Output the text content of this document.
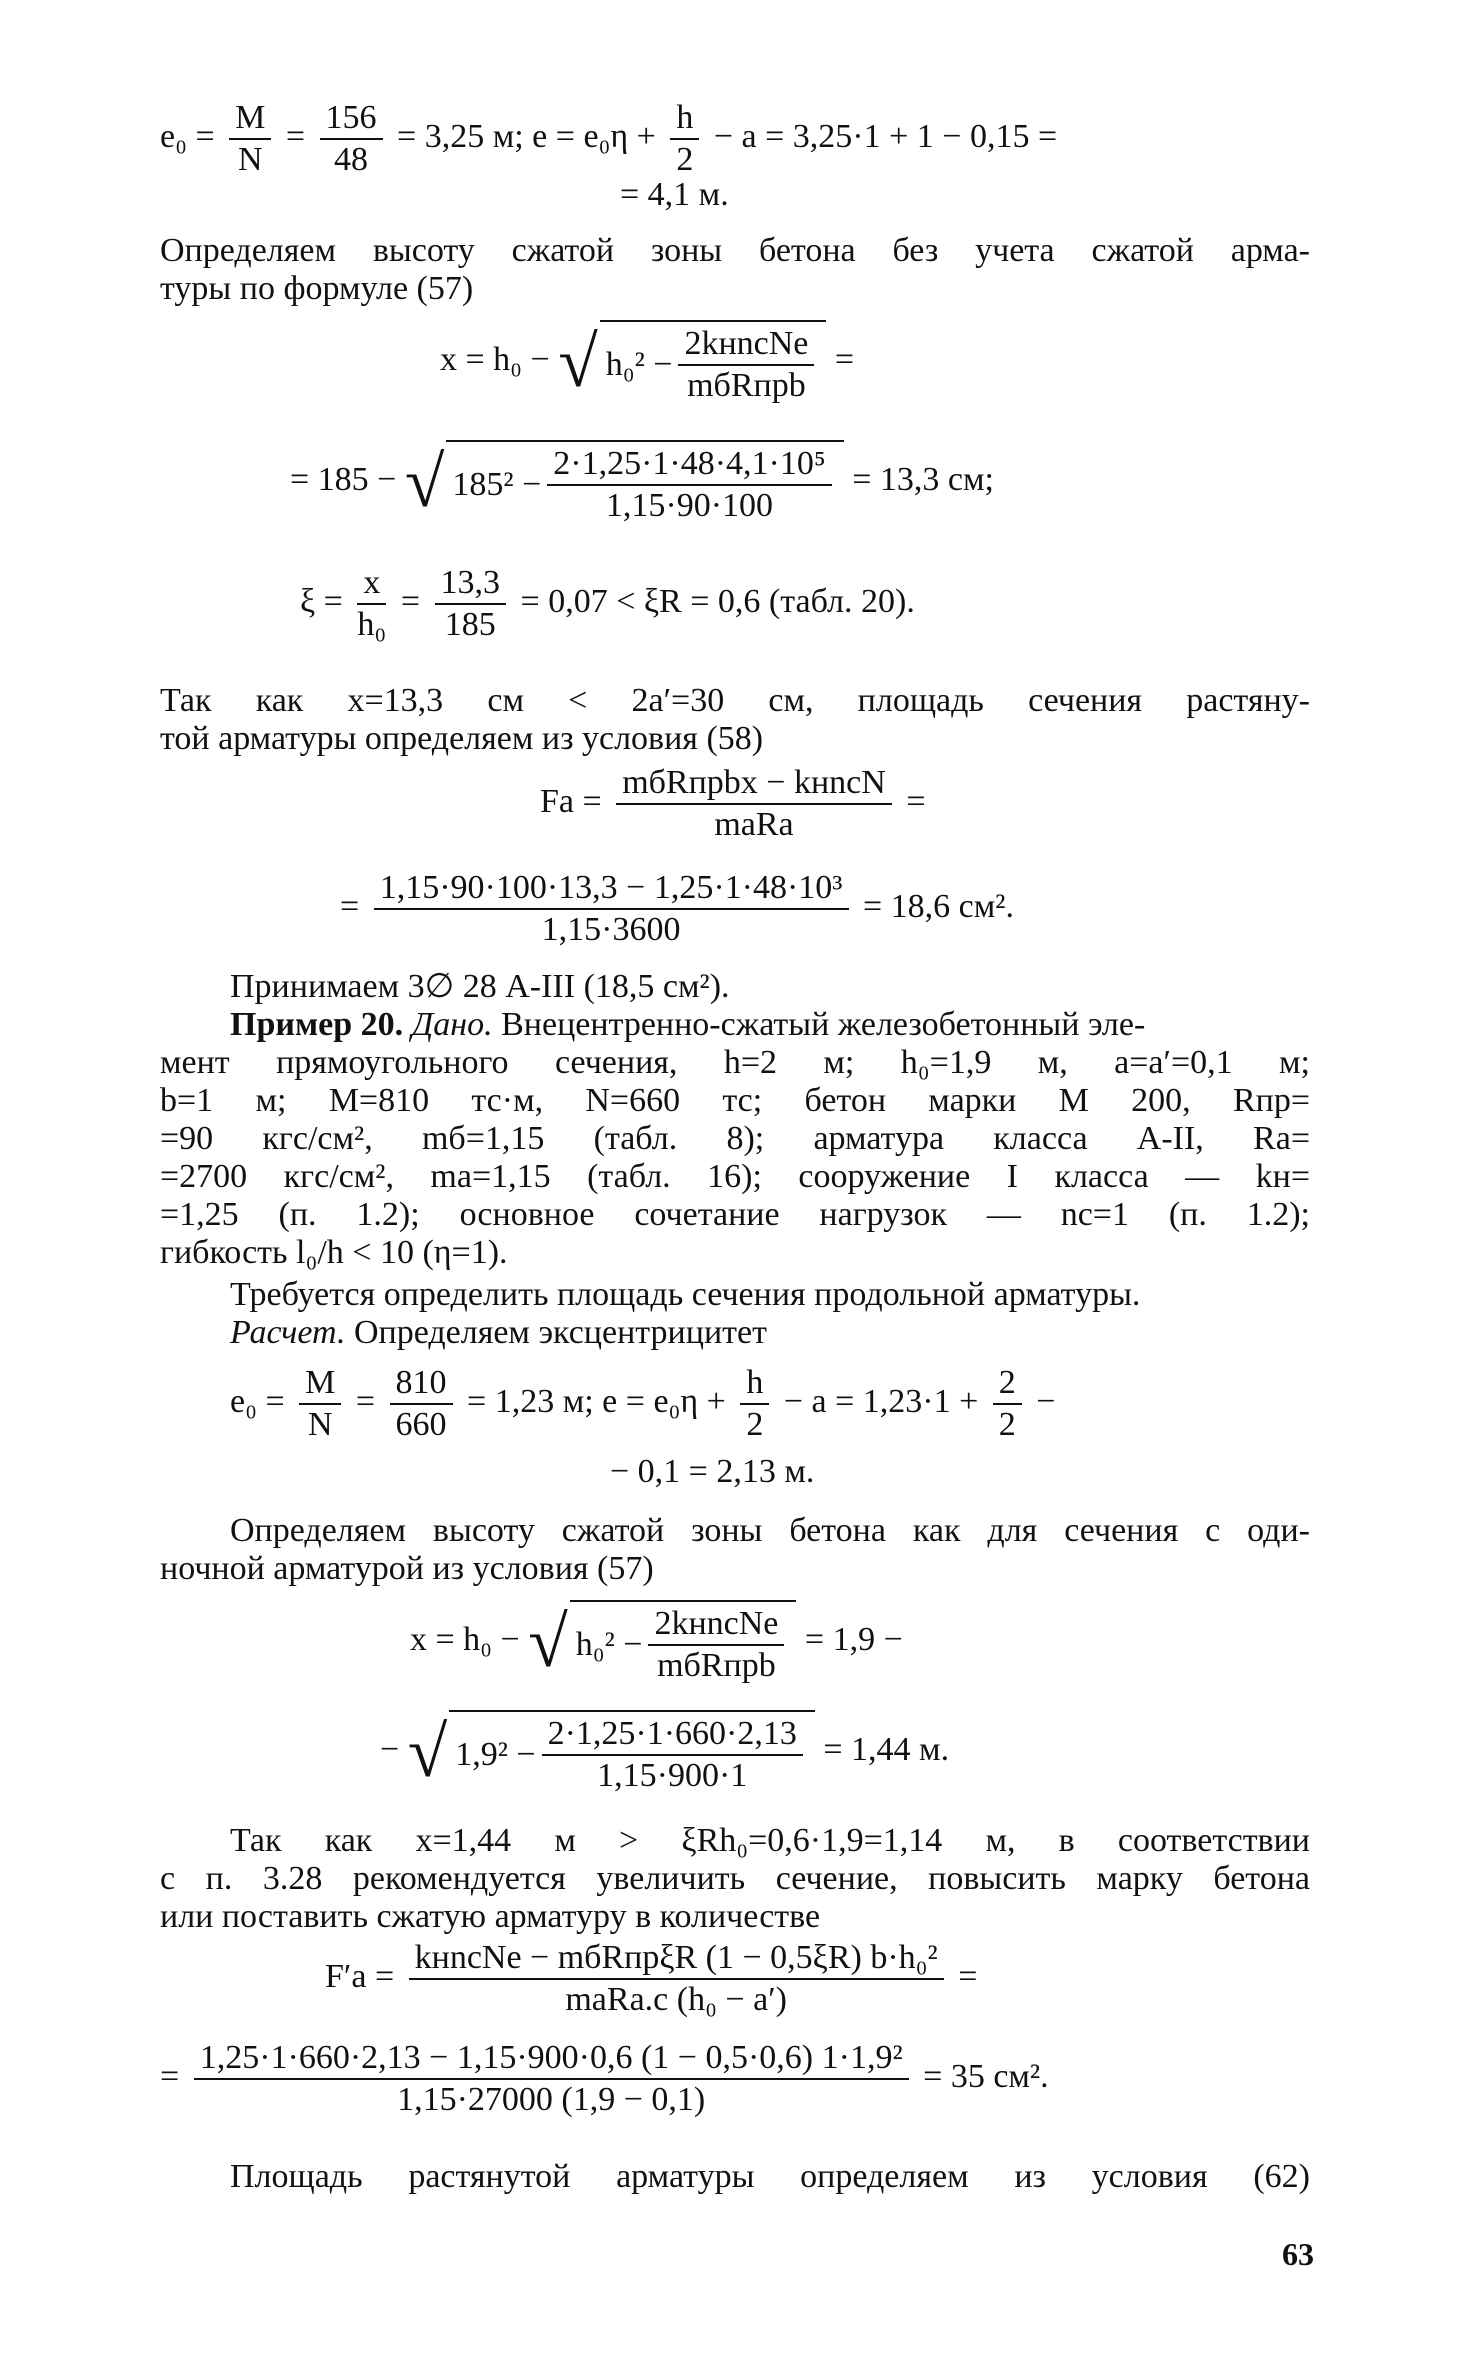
$e_0 = \frac{M}{N} = \frac{156}{48} = 3,25$ м; $e = e_0\eta + \frac{h}{2} - a = 3,25\cdot 1 + 1 - 0,15$ =
= 4,1 м.
Определяем высоту сжатой зоны бетона без учета сжатой арма-
туры по формуле (57)
x = h₀ − √ $h_0^2 - \frac{\text{2kнncNe}}{\text{mбRпрb}}$ =
= 185 − √ $185^2 - \frac{\text{2·1,25·1·48·4,1·10⁵}}{1,15\cdot 90\cdot 100} = 13,3$ см;
$\xi = \frac{x}{\text{h₀}} = \frac{13,3}{185} = 0,07 < \xi R = 0,6$ (табл. 20).
Так как x=13,3 см < 2a′=30 см, площадь сечения растяну-
той арматуры определяем из условия (58)
Fа = $\frac{\text{mбRпрbx − kнncN}}{\text{maRa}}$ =
= $\frac{\text{1,15·90·100·13,3 − 1,25·1·48·10³}}{1,15\cdot 3600} = 18,6$ см².
Принимаем 3∅ 28 А-III (18,5 см²).
Пример 20. Дано. Внецентренно-сжатый железобетонный эле-
мент прямоугольного сечения, h=2 м; h₀=1,9 м, a=a′=0,1 м;
b=1 м; M=810 тс·м, N=660 тс; бетон марки М 200, Rпр=
=90 кгс/см², mб=1,15 (табл. 8); арматура класса А-II, Ra=
=2700 кгс/см², ma=1,15 (табл. 16); сооружение I класса — kн=
=1,25 (п. 1.2); основное сочетание нагрузок — nc=1 (п. 1.2);
гибкость l₀/h < 10 (η=1).
Требуется определить площадь сечения продольной арматуры.
Расчет. Определяем эксцентрицитет
$e_0 = \frac{M}{N} = \frac{810}{660} = 1,23$ м; $e = e_0\eta + \frac{h}{2} - a = 1,23\cdot 1 + \frac{2}{2}$ −
− 0,1 = 2,13 м.
Определяем высоту сжатой зоны бетона как для сечения с оди-
ночной арматурой из условия (57)
x = h₀ − √ $h_0^2 - \frac{\text{2kнncNe}}{\text{mбRпрb}} = 1,9$ −
− √ $1,9^2 - \frac{2\cdot 1,25\cdot 1\cdot 660\cdot 2,13}{1,15\cdot 900\cdot 1} = 1,44$ м.
Так как x=1,44 м > ξRh₀=0,6·1,9=1,14 м, в соответствии
с п. 3.28 рекомендуется увеличить сечение, повысить марку бетона
или поставить сжатую арматуру в количестве
$F'a = \frac{\text{kнncNe − mбRпрξR (1 − 0,5ξR) b·h₀²}}{\text{maRa.c (h₀ − a′)}}$ =
= $\frac{\text{1,25·1·660·2,13 − 1,15·900·0,6 (1 − 0,5·0,6) 1·1,9²}}{1,15\cdot 27000 (1,9 - 0,1)} = 35$ см².
Площадь растянутой арматуры определяем из условия (62)
63
